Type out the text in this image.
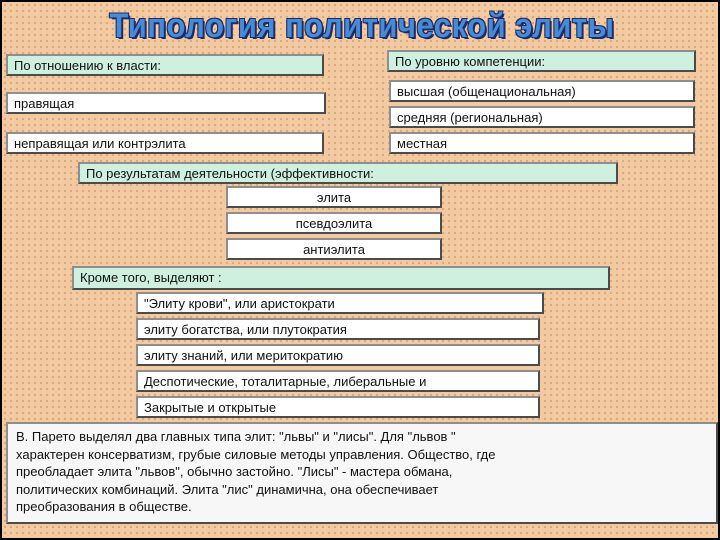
Типология политической элиты
По отношению к власти:
правящая
неправящая или контрэлита
По уровню компетенции:
высшая (общенациональная)
средняя (региональная)
местная
По результатам деятельности (эффективности:
элита
псевдоэлита
антиэлита
Кроме того, выделяют :
"Элиту крови", или аристократи
элиту богатства, или плутократия
элиту знаний, или меритократию
Деспотические, тоталитарные, либеральные и
Закрытые и открытые
В. Парето выделял два главных типа элит: "львы" и "лисы". Для "львов "
характерен консерватизм, грубые силовые методы управления. Общество, где
преобладает элита "львов", обычно застойно. "Лисы" - мастера обмана,
политических комбинаций. Элита "лис" динамична, она обеспечивает
преобразования в обществе.
